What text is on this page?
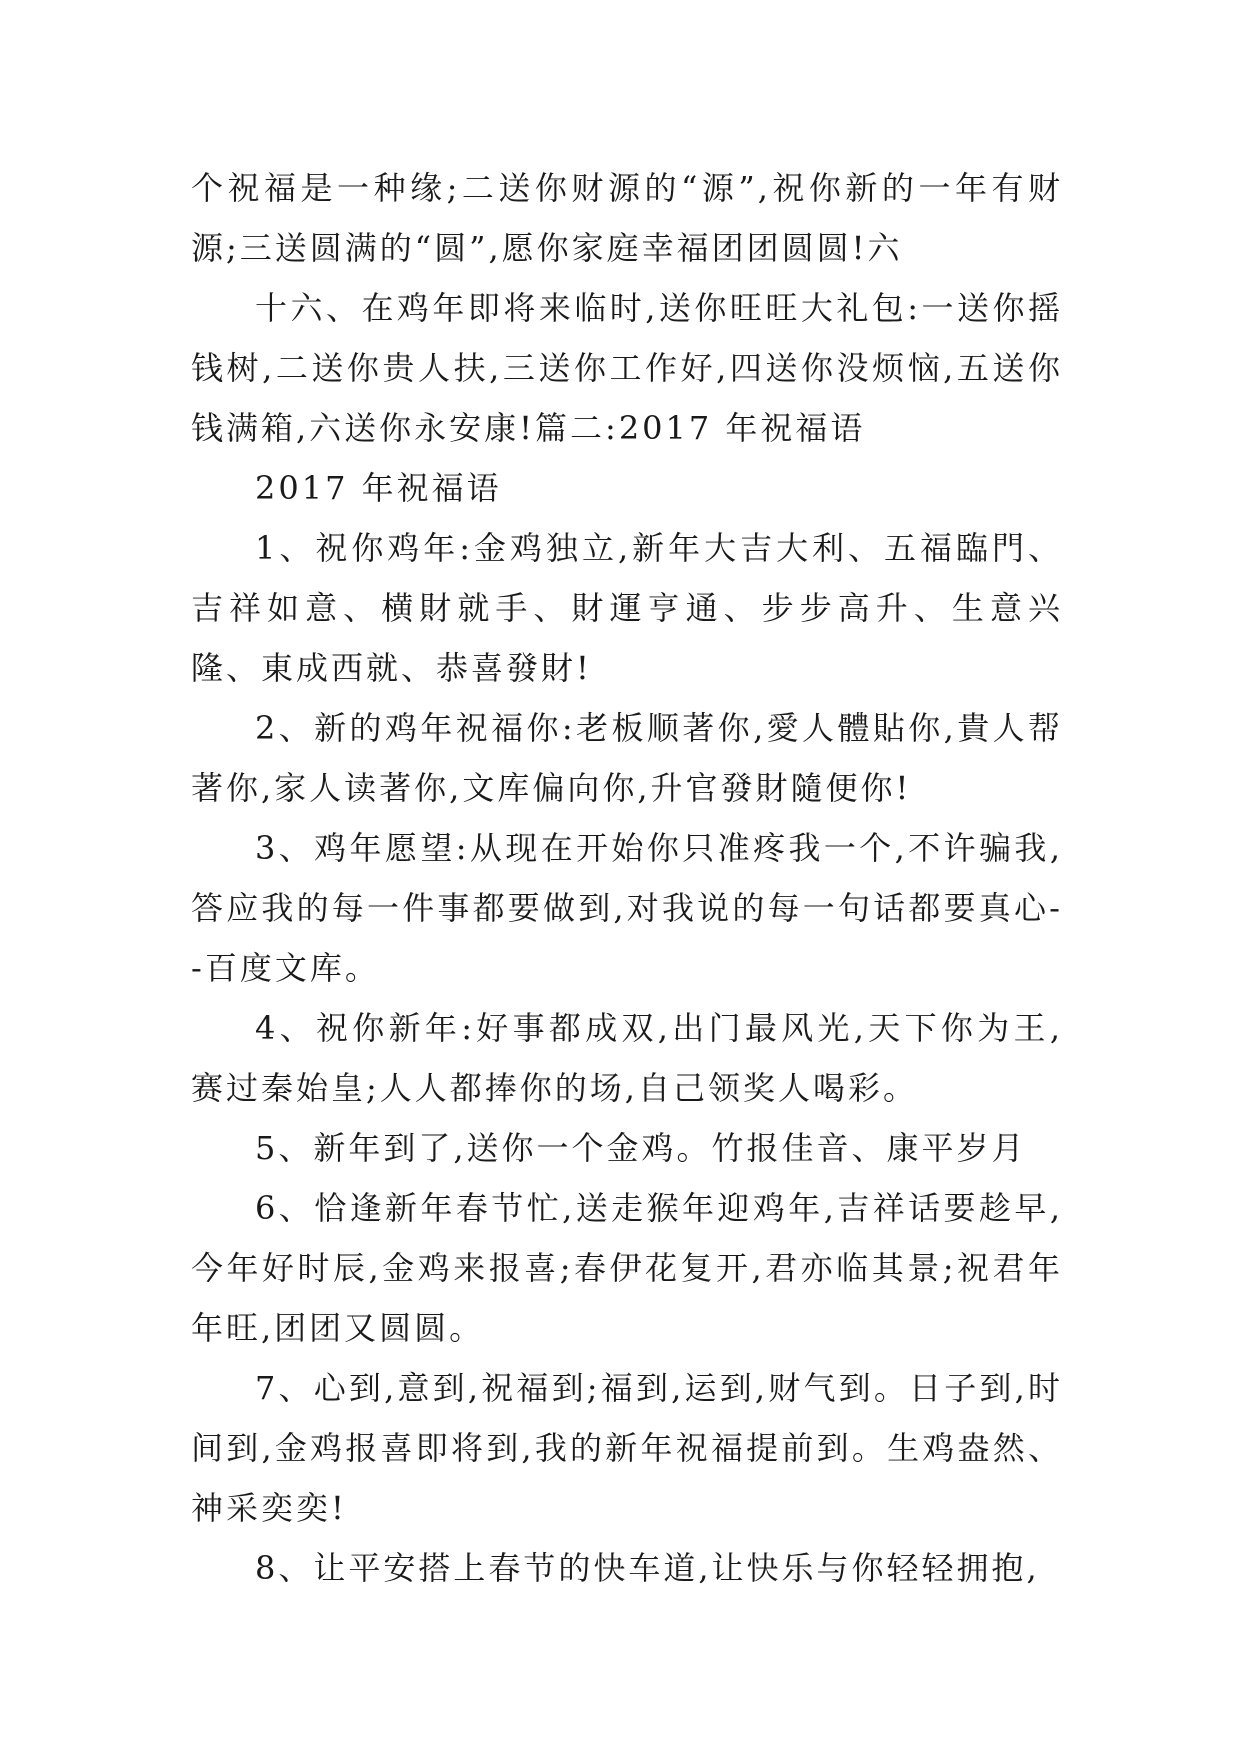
个祝福是一种缘;二送你财源的“源”,祝你新的一年有财源;三送圆满的“圆”,愿你家庭幸福团团圆圆!六

十六、在鸡年即将来临时,送你旺旺大礼包:一送你摇钱树,二送你贵人扶,三送你工作好,四送你没烦恼,五送你钱满箱,六送你永安康!篇二:2017 年祝福语

2017 年祝福语

1、祝你鸡年:金鸡独立,新年大吉大利、五福臨門、吉祥如意、横財就手、財運亨通、步步高升、生意兴隆、東成西就、恭喜發財!

2、新的鸡年祝福你:老板顺著你,愛人體貼你,貴人帮著你,家人读著你,文库偏向你,升官發財隨便你!

3、鸡年愿望:从现在开始你只准疼我一个,不许骗我,答应我的每一件事都要做到,对我说的每一句话都要真心--百度文库。

4、祝你新年:好事都成双,出门最风光,天下你为王,赛过秦始皇;人人都捧你的场,自己领奖人喝彩。

5、新年到了,送你一个金鸡。竹报佳音、康平岁月

6、恰逢新年春节忙,送走猴年迎鸡年,吉祥话要趁早,今年好时辰,金鸡来报喜;春伊花复开,君亦临其景;祝君年年旺,团团又圆圆。

7、心到,意到,祝福到;福到,运到,财气到。日子到,时间到,金鸡报喜即将到,我的新年祝福提前到。生鸡盎然、神采奕奕!

8、让平安搭上春节的快车道,让快乐与你轻轻拥抱,
